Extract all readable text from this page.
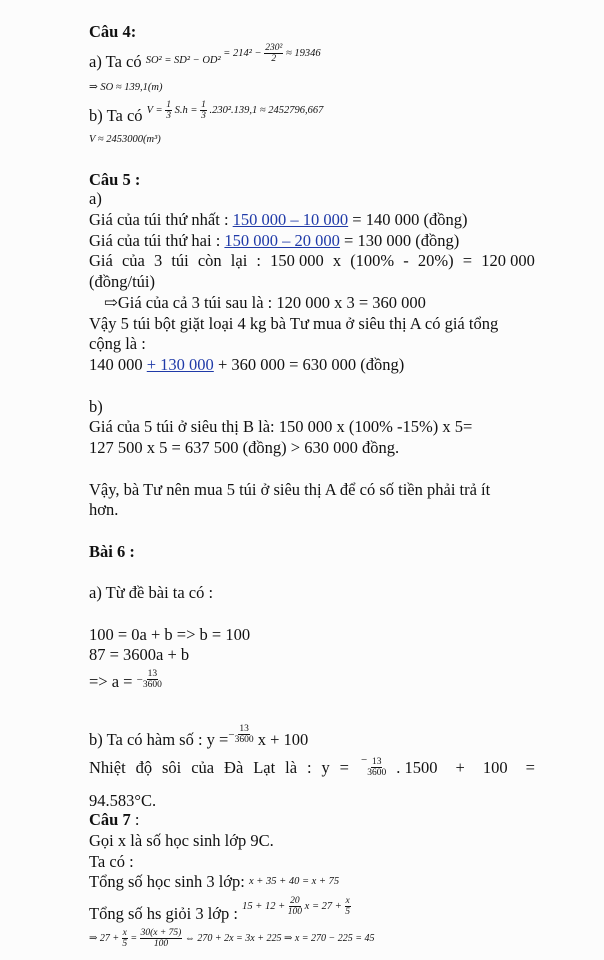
Câu 4:
a) Ta có $^{SO^2 = SD^2 - OD^2 = 214^2 - \frac{\text{230²}}{2} \approx 19346}$
⇒ SO ≈ 139,1(m)
b) Ta có $V = \frac{1}{3} S.h = \frac{1}{3} .230^2.139,1 \approx 2452796,667$
V ≈ 2453000(m³)
Câu 5 :
a)
Giá của túi thứ nhất : 150 000 – 10 000 = 140 000 (đồng)
Giá của túi thứ hai : 150 000 – 20 000 = 130 000 (đồng)
Giá của 3 túi còn lại : 150 000 x (100% - 20%) = 120 000
(đồng/túi)
⇨Giá của cả 3 túi sau là : 120 000 x 3 = 360 000
Vậy 5 túi bột giặt loại 4 kg bà Tư mua ở siêu thị A có giá tổng
cộng là :
140 000 + 130 000 + 360 000 = 630 000 (đồng)
b)
Giá của 5 túi ở siêu thị B là: 150 000 x (100% -15%) x 5=
127 500 x 5 = 637 500 (đồng) > 630 000 đồng.
Vậy, bà Tư nên mua 5 túi ở siêu thị A để có số tiền phải trả ít
hơn.
Bài 6 :
a) Từ đề bài ta có :
100 = 0a + b => b = 100
87 = 3600a + b
=> a = − $\frac{13}{3600}$
b) Ta có hàm số : $y =- \frac{13}{3600}$ x + 100
Nhiệt độ sôi của Đà Lạt là : y = − $\frac{13}{3600}$ . 1500 + 100 =
94.583°C.
Câu 7 :
Gọi x là số học sinh lớp 9C.
Ta có :
Tổng số học sinh 3 lớp: x + 35 + 40 = x + 75
Tổng số hs giỏi 3 lớp : $^{15 + 12 + \frac{20}{100} x = 27 + \frac{x}{5}}$
⇒ $27 + \frac{x}{5} = \frac{30(x + 75)}{100}$ ⇔ 270 + 2x = 3x + 225 ⇒ x = 270 − 225 = 45
